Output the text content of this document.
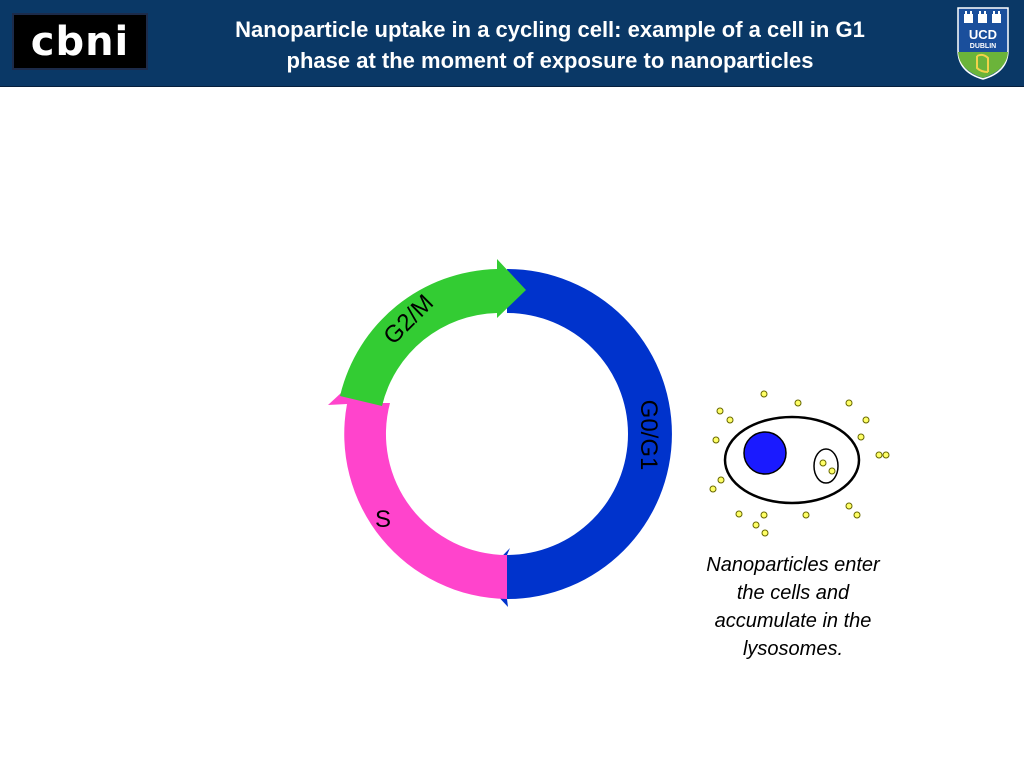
cbni	Nanoparticle uptake in a cycling cell: example of a cell in G1
phase at the moment of exposure to nanoparticles
UCD
DUBLIN
G0/G1
S
G2/M
Nanoparticles enter
the cells and
accumulate in the
lysosomes.
